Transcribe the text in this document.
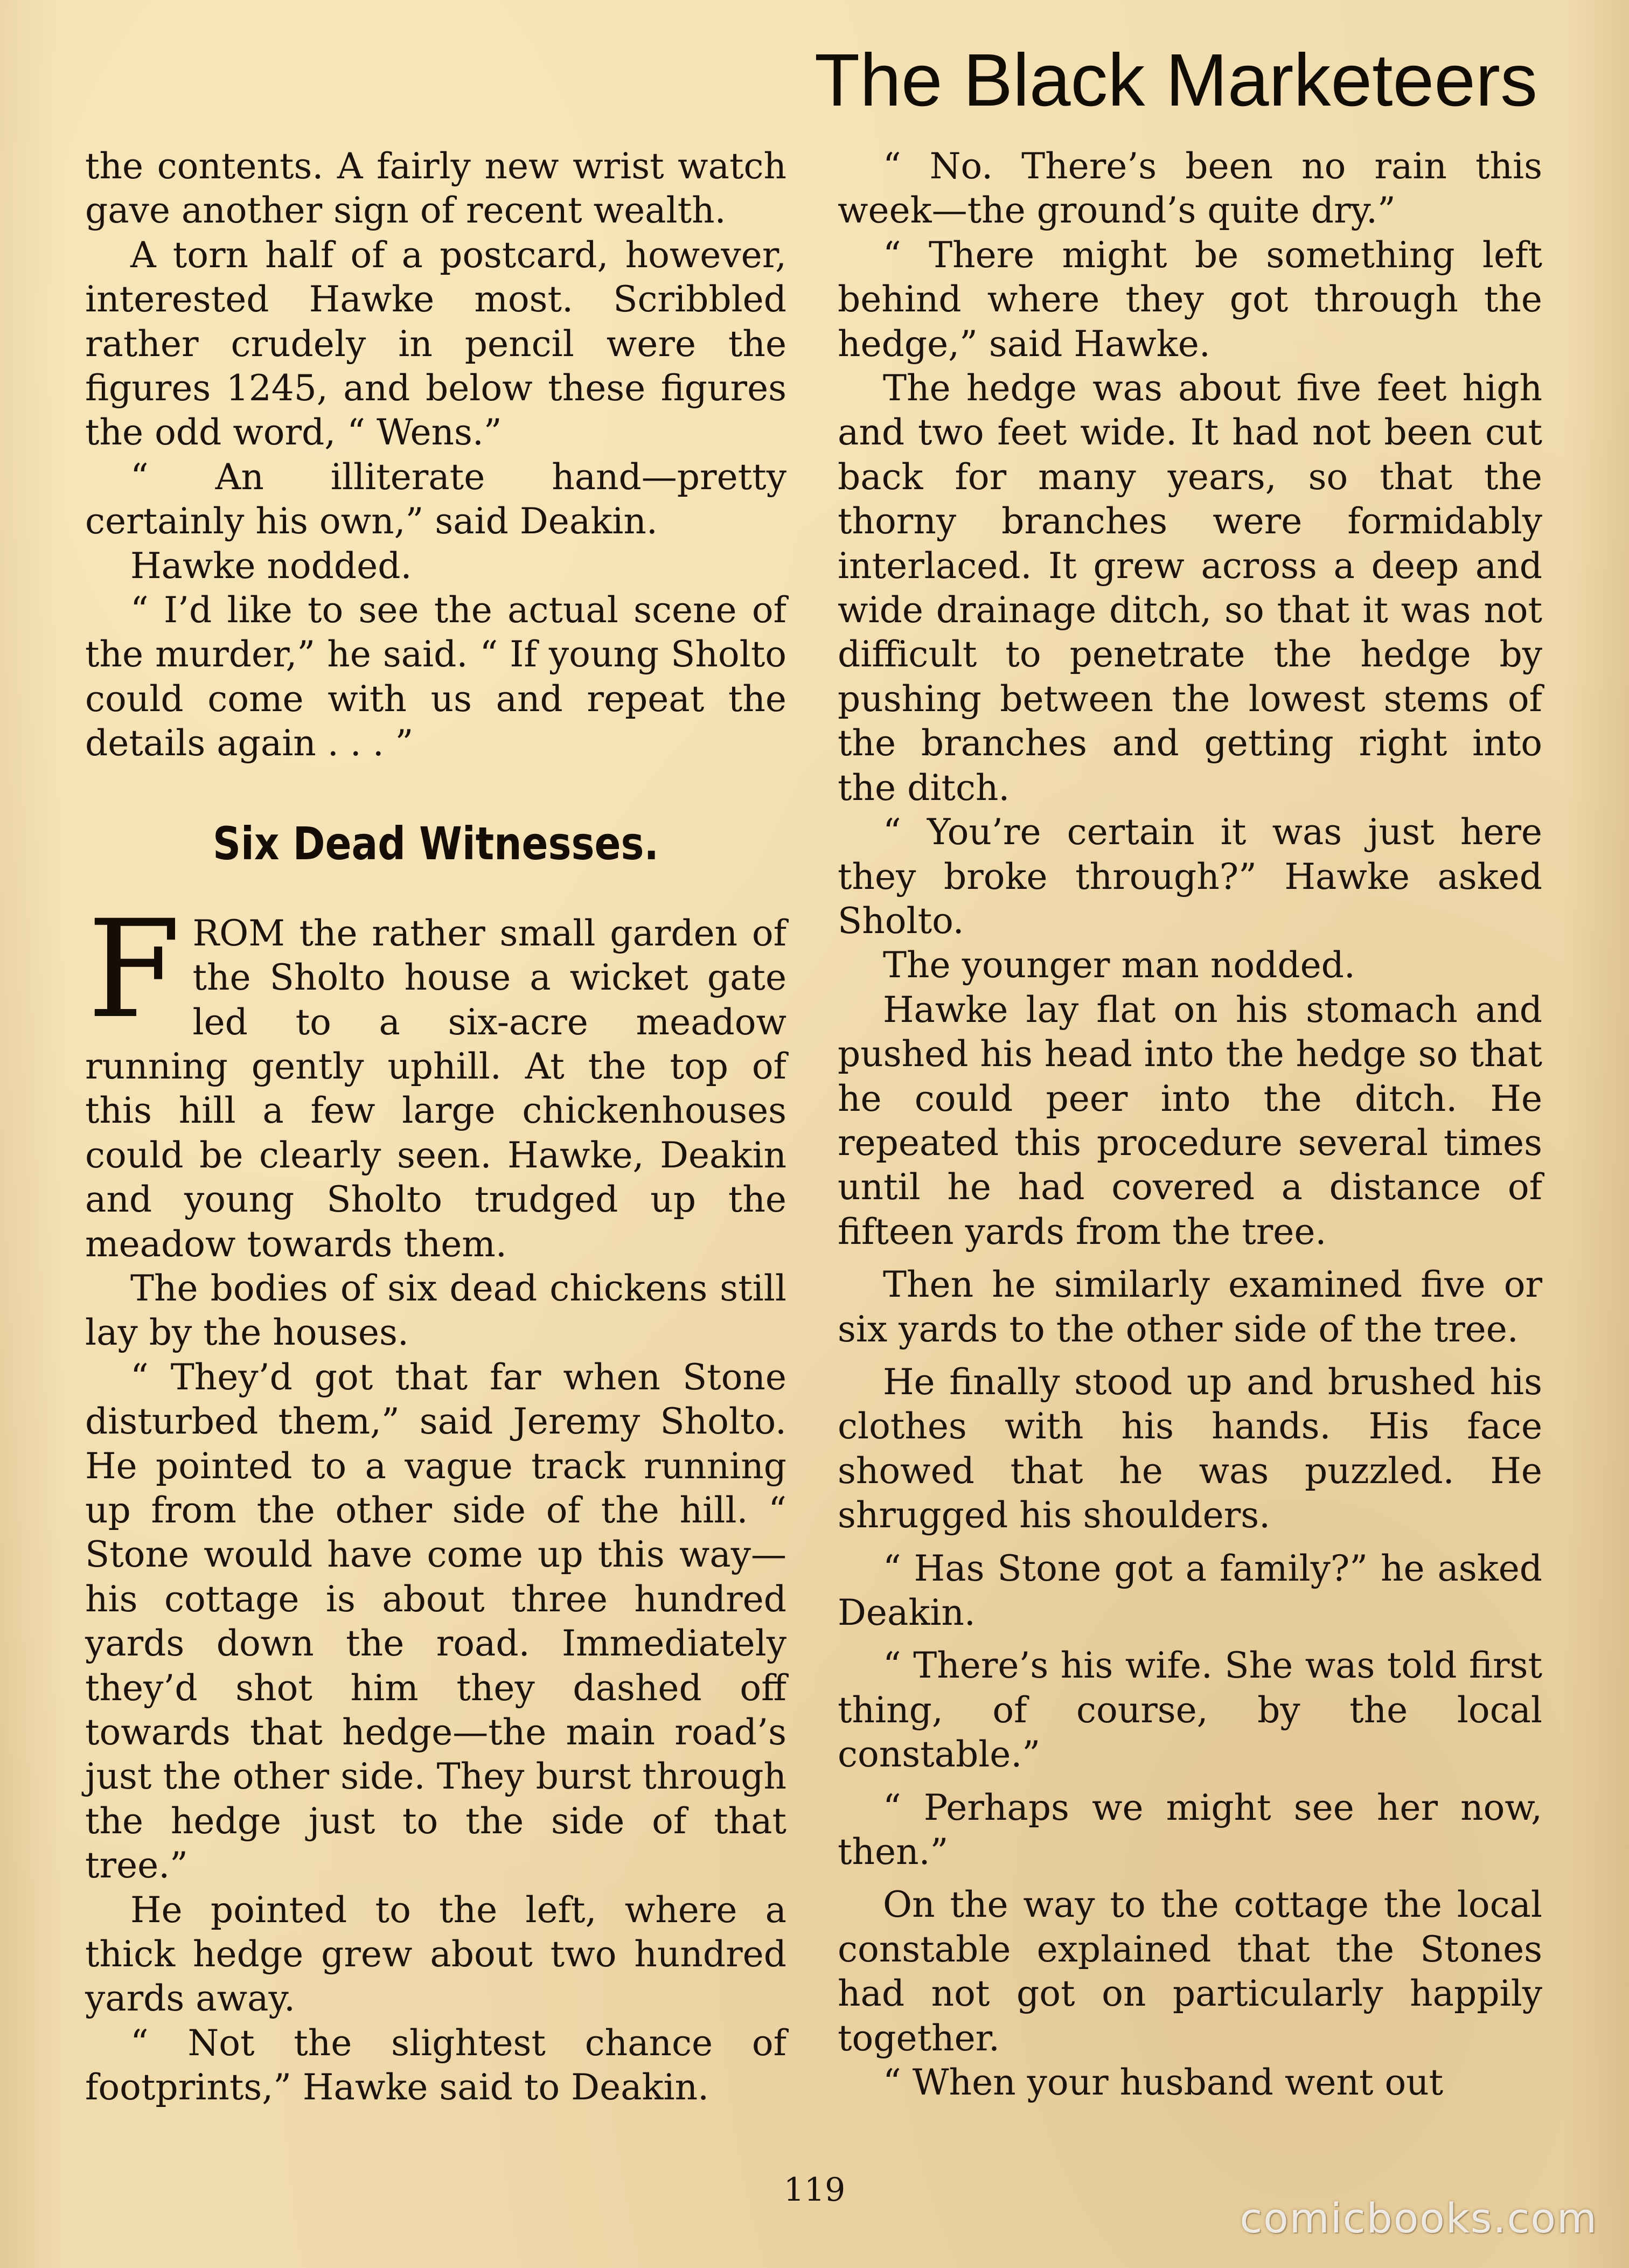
The Black Marketeers

the contents. A fairly new wrist watch gave another sign of recent wealth.

A torn half of a postcard, however, interested Hawke most. Scribbled rather crudely in pencil were the figures 1245, and below these figures the odd word, “ Wens.”

“ An illiterate hand—pretty certainly his own,” said Deakin.

Hawke nodded.

“ I’d like to see the actual scene of the murder,” he said. “ If young Sholto could come with us and repeat the details again . . . ”

Six Dead Witnesses.

FROM the rather small garden of the Sholto house a wicket gate led to a six-acre meadow running gently uphill. At the top of this hill a few large chickenhouses could be clearly seen. Hawke, Deakin and young Sholto trudged up the meadow towards them.

The bodies of six dead chickens still lay by the houses.

“ They’d got that far when Stone disturbed them,” said Jeremy Sholto. He pointed to a vague track running up from the other side of the hill. “ Stone would have come up this way—his cottage is about three hundred yards down the road. Immediately they’d shot him they dashed off towards that hedge—the main road’s just the other side. They burst through the hedge just to the side of that tree.”

He pointed to the left, where a thick hedge grew about two hundred yards away.

“ Not the slightest chance of footprints,” Hawke said to Deakin.

“ No. There’s been no rain this week—the ground’s quite dry.”

“ There might be something left behind where they got through the hedge,” said Hawke.

The hedge was about five feet high and two feet wide. It had not been cut back for many years, so that the thorny branches were formidably interlaced. It grew across a deep and wide drainage ditch, so that it was not difficult to penetrate the hedge by pushing between the lowest stems of the branches and getting right into the ditch.

“ You’re certain it was just here they broke through?” Hawke asked Sholto.

The younger man nodded.

Hawke lay flat on his stomach and pushed his head into the hedge so that he could peer into the ditch. He repeated this procedure several times until he had covered a distance of fifteen yards from the tree.

Then he similarly examined five or six yards to the other side of the tree.

He finally stood up and brushed his clothes with his hands. His face showed that he was puzzled. He shrugged his shoulders.

“ Has Stone got a family?” he asked Deakin.

“ There’s his wife. She was told first thing, of course, by the local constable.”

“ Perhaps we might see her now, then.”

On the way to the cottage the local constable explained that the Stones had not got on particularly happily together.

“ When your husband went out

119
comicbooks.com
